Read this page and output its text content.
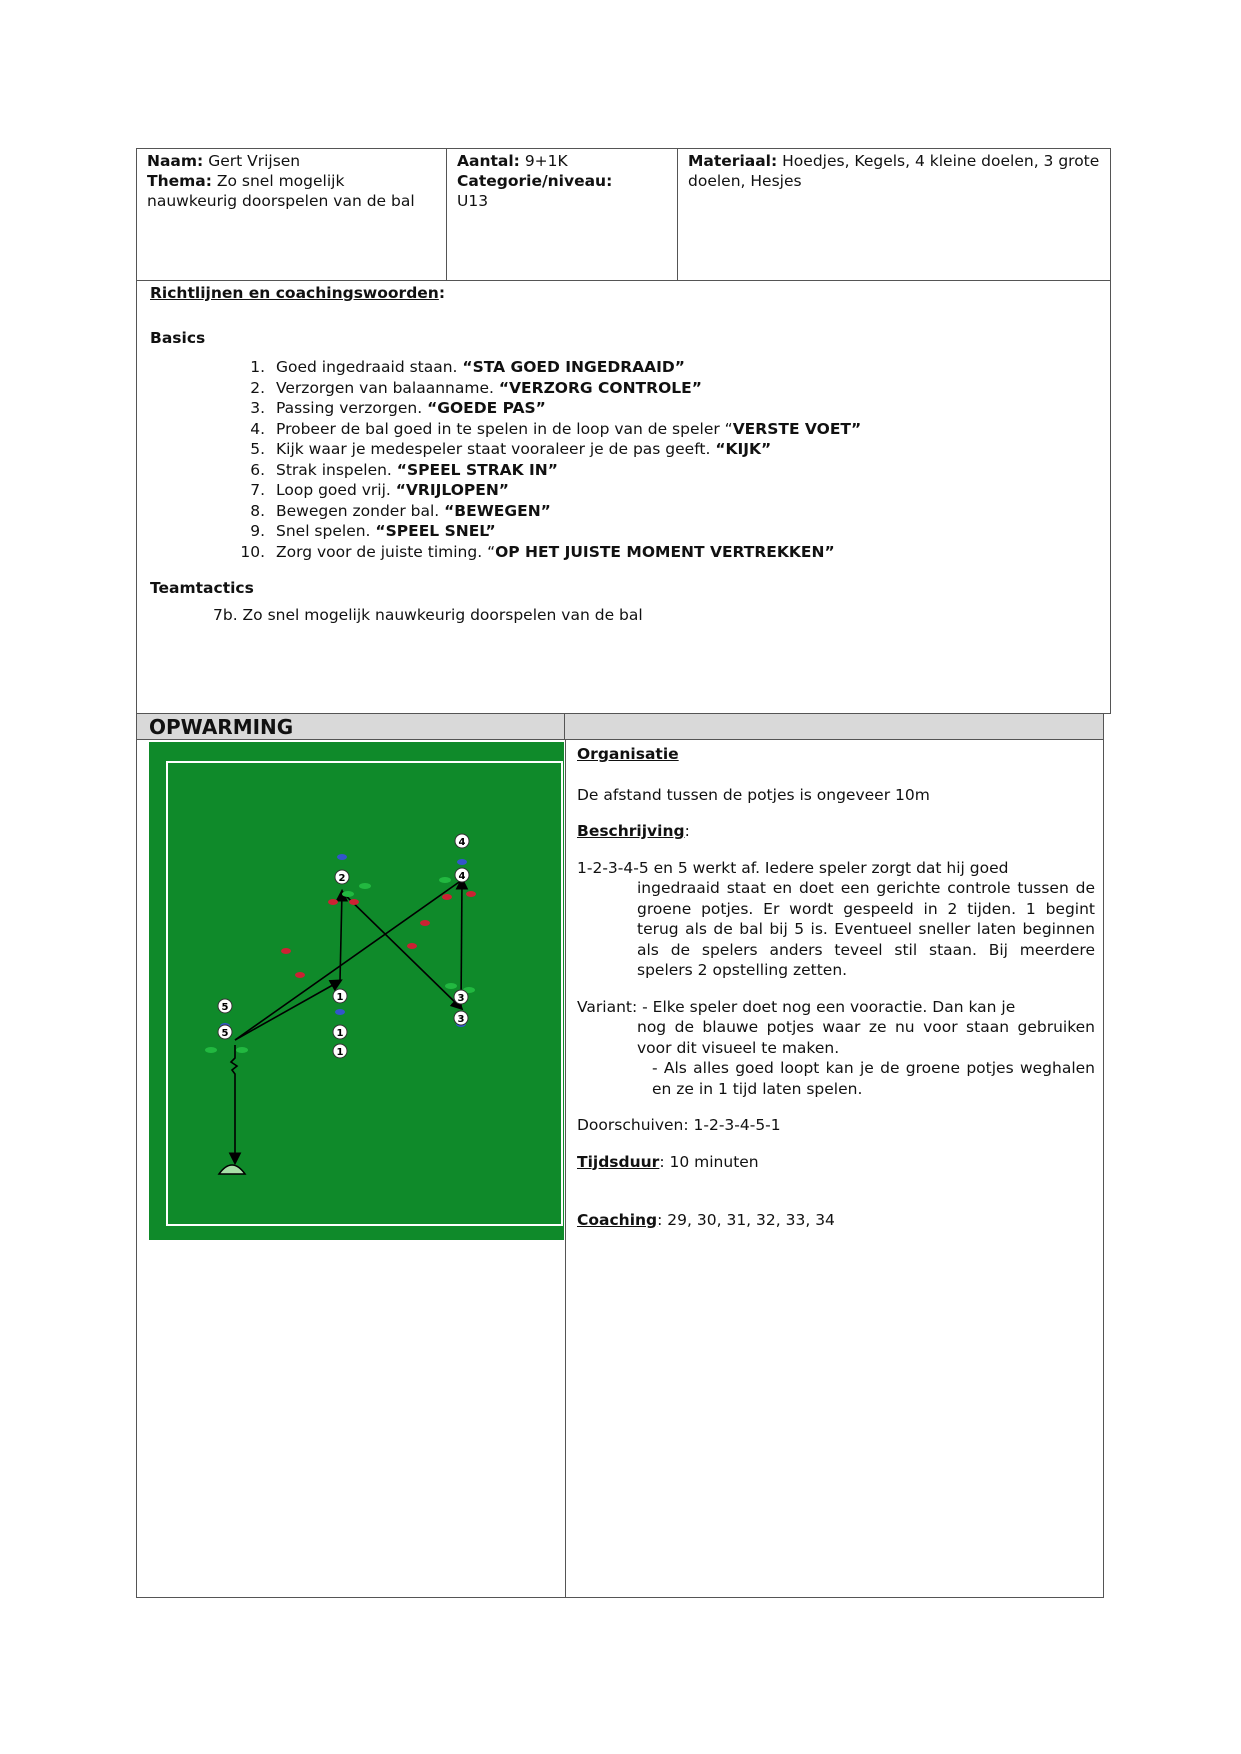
Naam: Gert Vrijsen
Thema: Zo snel mogelijk nauwkeurig doorspelen van de bal
Aantal: 9+1K
Categorie/niveau:
U13
Materiaal: Hoedjes, Kegels, 4 kleine doelen, 3 grote doelen, Hesjes
Richtlijnen en coachingswoorden:
Basics
1. Goed ingedraaid staan. “STA GOED INGEDRAAID”
2. Verzorgen van balaanname. “VERZORG CONTROLE”
3. Passing verzorgen. “GOEDE PAS”
4. Probeer de bal goed in te spelen in de loop van de speler “VERSTE VOET”
5. Kijk waar je medespeler staat vooraleer je de pas geeft. “KIJK”
6. Strak inspelen. “SPEEL STRAK IN”
7. Loop goed vrij. “VRIJLOPEN”
8. Bewegen zonder bal. “BEWEGEN”
9. Snel spelen. “SPEEL SNEL”
10. Zorg voor de juiste timing. “OP HET JUISTE MOMENT VERTREKKEN”
Teamtactics
7b. Zo snel mogelijk nauwkeurig doorspelen van de bal
OPWARMING
1
1
1
2
3
3
4
4
5
5

Organisatie

De afstand tussen de potjes is ongeveer 10m

Beschrijving:

1-2-3-4-5 en 5 werkt af. Iedere speler zorgt dat hij goed

ingedraaid staat en doet een gerichte controle tussen de groene potjes. Er wordt gespeeld in 2 tijden. 1 begint terug als de bal bij 5 is. Eventueel sneller laten beginnen als de spelers anders teveel stil staan. Bij meerdere spelers 2 opstelling zetten.

Variant: - Elke speler doet nog een vooractie. Dan kan je

nog de blauwe potjes waar ze nu voor staan gebruiken voor dit visueel te maken.

- Als alles goed loopt kan je de groene potjes weghalen en ze in 1 tijd laten spelen.

Doorschuiven: 1-2-3-4-5-1

Tijdsduur: 10 minuten

Coaching: 29, 30, 31, 32, 33, 34
